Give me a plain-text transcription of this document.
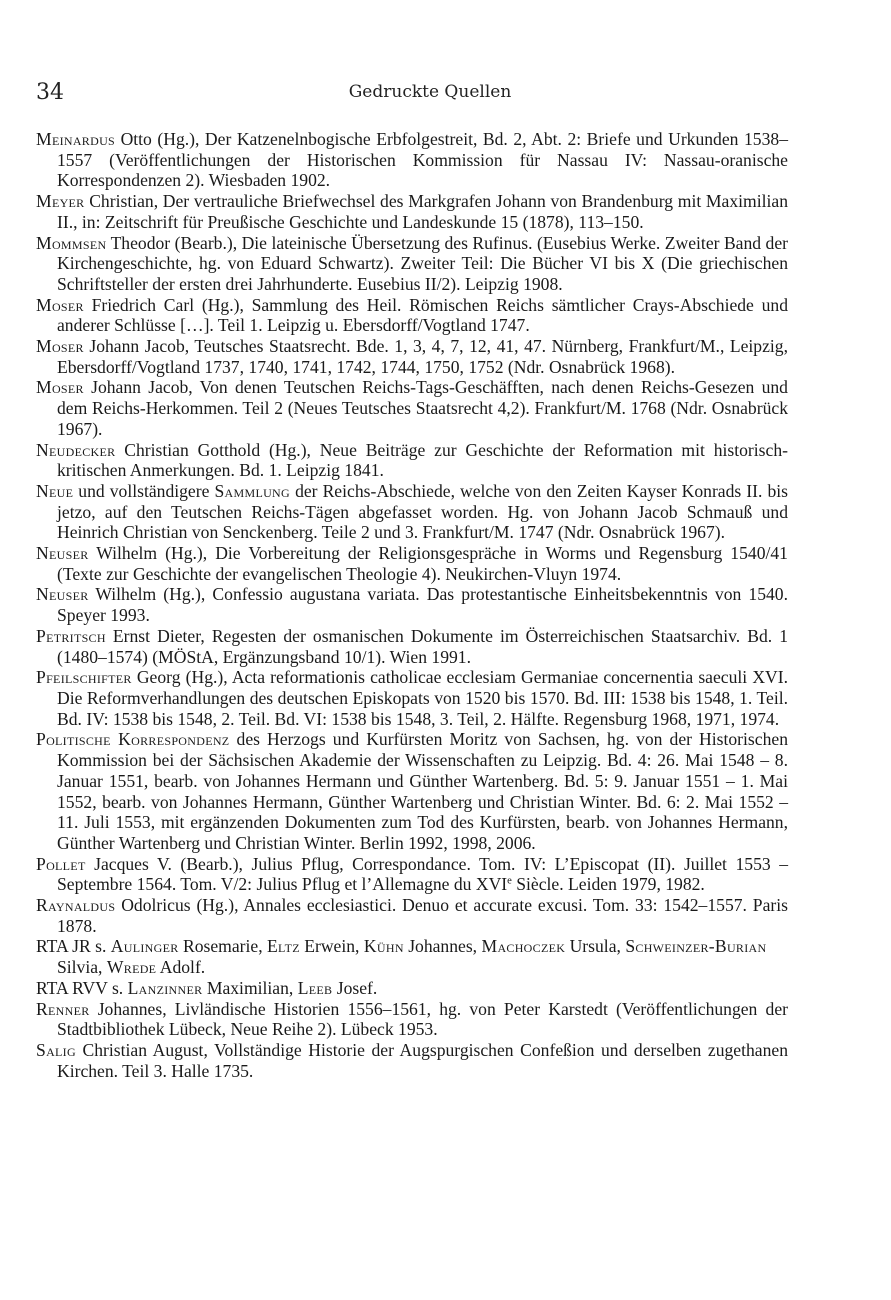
34	Gedruckte Quellen

Meinardus Otto (Hg.), Der Katzenelnbogische Erbfolgestreit, Bd. 2, Abt. 2: Briefe und Urkunden 1538–1557 (Veröffentlichungen der Historischen Kommission für Nassau IV: Nassau-oranische Korrespondenzen 2). Wiesbaden 1902.

Meyer Christian, Der vertrauliche Briefwechsel des Markgrafen Johann von Brandenburg mit Maximilian II., in: Zeitschrift für Preußische Geschichte und Landeskunde 15 (1878), 113–150.

Mommsen Theodor (Bearb.), Die lateinische Übersetzung des Rufinus. (Eusebius Werke. Zweiter Band der Kirchengeschichte, hg. von Eduard Schwartz). Zweiter Teil: Die Bücher VI bis X (Die griechischen Schriftsteller der ersten drei Jahrhunderte. Eusebius II/2). Leipzig 1908.

Moser Friedrich Carl (Hg.), Sammlung des Heil. Römischen Reichs sämtlicher Crays-Abschiede und anderer Schlüsse […]. Teil 1. Leipzig u. Ebersdorff/Vogtland 1747.

Moser Johann Jacob, Teutsches Staatsrecht. Bde. 1, 3, 4, 7, 12, 41, 47. Nürnberg, Frankfurt/M., Leipzig, Ebersdorff/Vogtland 1737, 1740, 1741, 1742, 1744, 1750, 1752 (Ndr. Osnabrück 1968).

Moser Johann Jacob, Von denen Teutschen Reichs-Tags-Geschäfften, nach denen Reichs-Gesezen und dem Reichs-Herkommen. Teil 2 (Neues Teutsches Staatsrecht 4,2). Frankfurt/M. 1768 (Ndr. Osnabrück 1967).

Neudecker Christian Gotthold (Hg.), Neue Beiträge zur Geschichte der Reformation mit historisch-kritischen Anmerkungen. Bd. 1. Leipzig 1841.

Neue und vollständigere Sammlung der Reichs-Abschiede, welche von den Zeiten Kayser Konrads II. bis jetzo, auf den Teutschen Reichs-Tägen abgefasset worden. Hg. von Johann Jacob Schmauß und Heinrich Christian von Senckenberg. Teile 2 und 3. Frankfurt/M. 1747 (Ndr. Osnabrück 1967).

Neuser Wilhelm (Hg.), Die Vorbereitung der Religionsgespräche in Worms und Regensburg 1540/41 (Texte zur Geschichte der evangelischen Theologie 4). Neukirchen-Vluyn 1974.

Neuser Wilhelm (Hg.), Confessio augustana variata. Das protestantische Einheitsbekenntnis von 1540. Speyer 1993.

Petritsch Ernst Dieter, Regesten der osmanischen Dokumente im Österreichischen Staatsarchiv. Bd. 1 (1480–1574) (MÖStA, Ergänzungsband 10/1). Wien 1991.

Pfeilschifter Georg (Hg.), Acta reformationis catholicae ecclesiam Germaniae concernentia saeculi XVI. Die Reformverhandlungen des deutschen Episkopats von 1520 bis 1570. Bd. III: 1538 bis 1548, 1. Teil. Bd. IV: 1538 bis 1548, 2. Teil. Bd. VI: 1538 bis 1548, 3. Teil, 2. Hälfte. Regensburg 1968, 1971, 1974.

Politische Korrespondenz des Herzogs und Kurfürsten Moritz von Sachsen, hg. von der Historischen Kommission bei der Sächsischen Akademie der Wissenschaften zu Leipzig. Bd. 4: 26. Mai 1548 – 8. Januar 1551, bearb. von Johannes Hermann und Günther Wartenberg. Bd. 5: 9. Januar 1551 – 1. Mai 1552, bearb. von Johannes Hermann, Günther Wartenberg und Christian Winter. Bd. 6: 2. Mai 1552 – 11. Juli 1553, mit ergänzenden Dokumenten zum Tod des Kurfürsten, bearb. von Johannes Hermann, Günther Wartenberg und Christian Winter. Berlin 1992, 1998, 2006.

Pollet Jacques V. (Bearb.), Julius Pflug, Correspondance. Tom. IV: L’Episcopat (II). Juillet 1553 – Septembre 1564. Tom. V/2: Julius Pflug et l’Allemagne du XVIe Siècle. Leiden 1979, 1982.

Raynaldus Odolricus (Hg.), Annales ecclesiastici. Denuo et accurate excusi. Tom. 33: 1542–1557. Paris 1878.

RTA JR s. Aulinger Rosemarie, Eltz Erwein, Kühn Johannes, Machoczek Ursula, Schweinzer-Burian Silvia, Wrede Adolf.

RTA RVV s. Lanzinner Maximilian, Leeb Josef.

Renner Johannes, Livländische Historien 1556–1561, hg. von Peter Karstedt (Veröffentlichungen der Stadtbibliothek Lübeck, Neue Reihe 2). Lübeck 1953.

Salig Christian August, Vollständige Historie der Augspurgischen Confeßion und derselben zugethanen Kirchen. Teil 3. Halle 1735.
